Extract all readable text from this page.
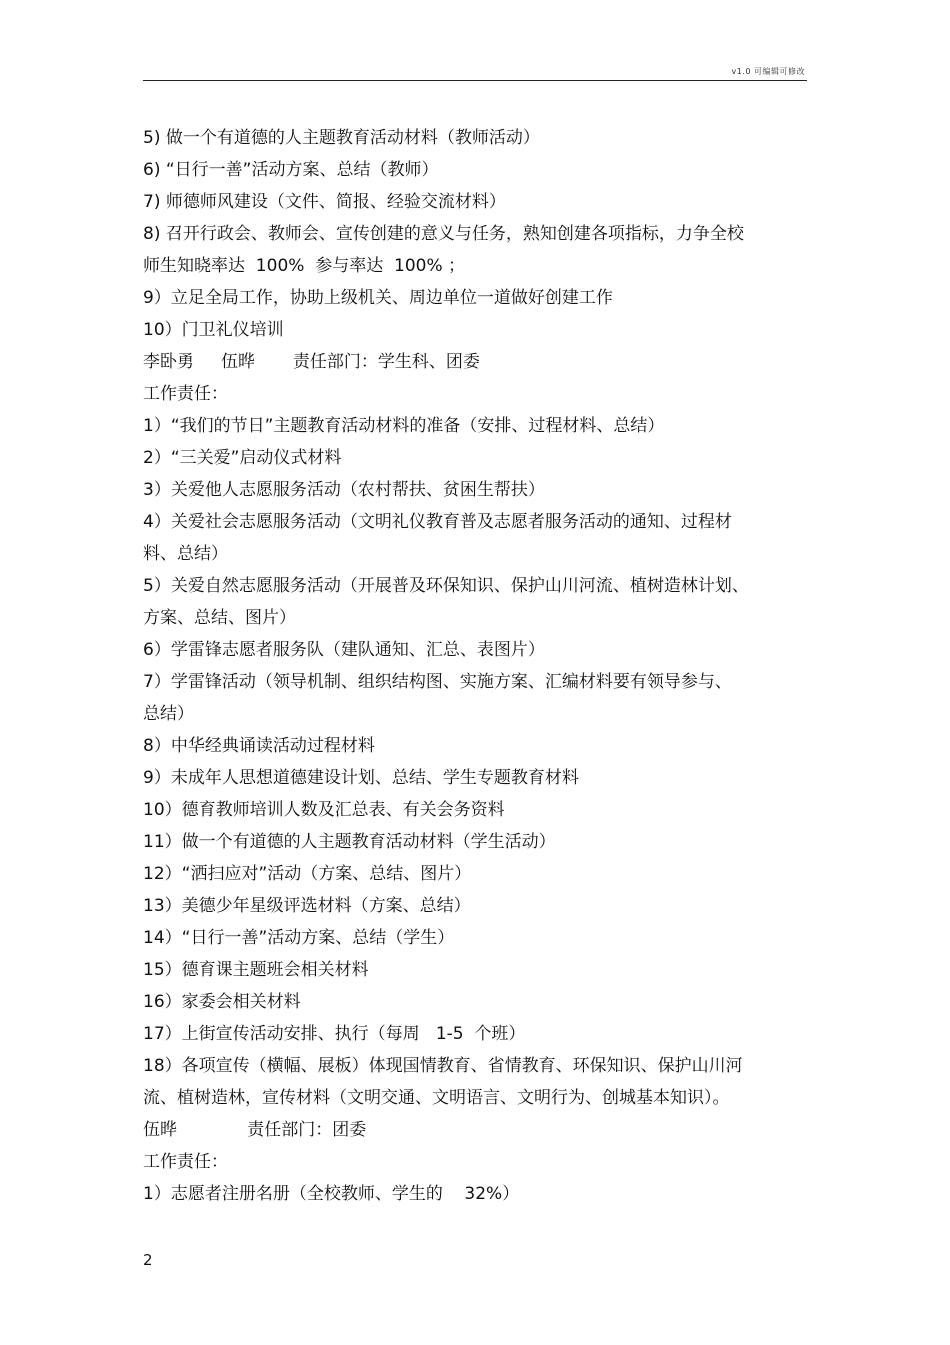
v1.0 可编辑可修改
5) 做一个有道德的人主题教育活动材料（教师活动）
6) “日行一善”活动方案、总结（教师）
7) 师德师风建设（文件、简报、经验交流材料）
8) 召开行政会、教师会、宣传创建的意义与任务，熟知创建各项指标，力争全校
师生知晓率达  100%  参与率达  100% ；
9）立足全局工作，协助上级机关、周边单位一道做好创建工作
10）门卫礼仪培训
李卧勇     伍晔       责任部门：学生科、团委
工作责任：
1）“我们的节日”主题教育活动材料的准备（安排、过程材料、总结）
2）“三关爱”启动仪式材料
3）关爱他人志愿服务活动（农村帮扶、贫困生帮扶）
4）关爱社会志愿服务活动（文明礼仪教育普及志愿者服务活动的通知、过程材
料、总结）
5）关爱自然志愿服务活动（开展普及环保知识、保护山川河流、植树造林计划、
方案、总结、图片）
6）学雷锋志愿者服务队（建队通知、汇总、表图片）
7）学雷锋活动（领导机制、组织结构图、实施方案、汇编材料要有领导参与、
总结）
8）中华经典诵读活动过程材料
9）未成年人思想道德建设计划、总结、学生专题教育材料
10）德育教师培训人数及汇总表、有关会务资料
11）做一个有道德的人主题教育活动材料（学生活动）
12）“洒扫应对”活动（方案、总结、图片）
13）美德少年星级评选材料（方案、总结）
14）“日行一善”活动方案、总结（学生）
15）德育课主题班会相关材料
16）家委会相关材料
17）上街宣传活动安排、执行（每周   1-5  个班）
18）各项宣传（横幅、展板）体现国情教育、省情教育、环保知识、保护山川河
流、植树造林，宣传材料（文明交通、文明语言、文明行为、创城基本知识）。
伍晔             责任部门：团委
工作责任：
1）志愿者注册名册（全校教师、学生的    32%）
2
